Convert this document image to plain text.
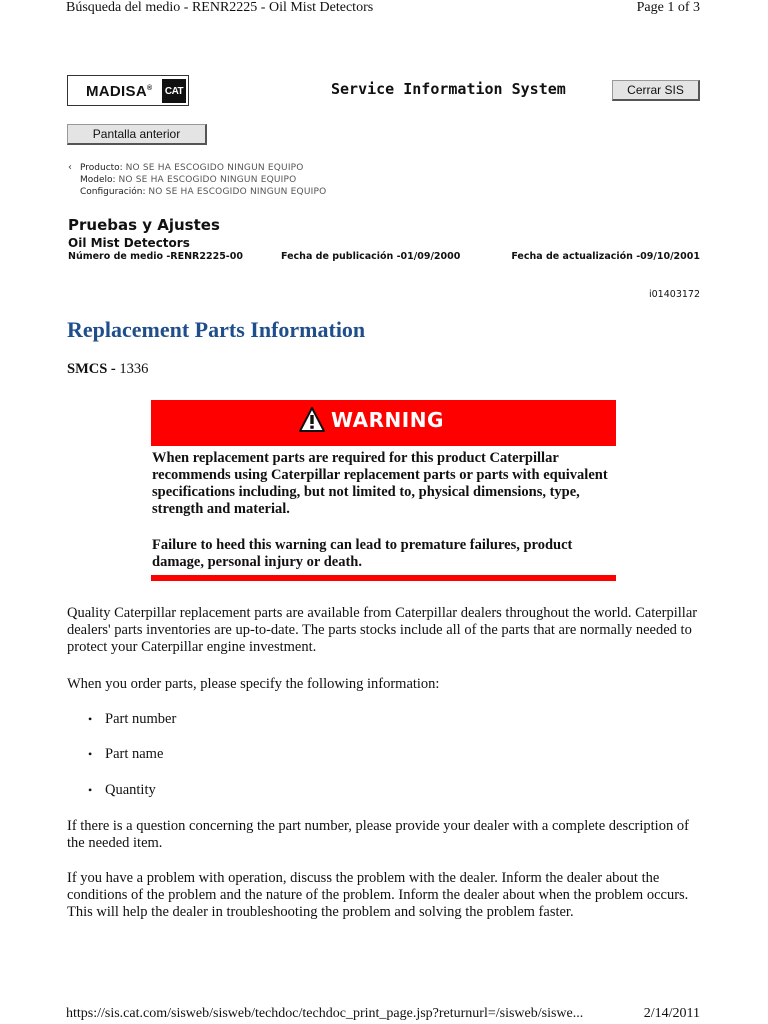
Búsqueda del medio - RENR2225 - Oil Mist Detectors	Page 1 of 3
MADISA® CAT	Service Information System	Cerrar SIS
Pantalla anterior
‹ Producto: NO SE HA ESCOGIDO NINGUN EQUIPO
Modelo: NO SE HA ESCOGIDO NINGUN EQUIPO
Configuración: NO SE HA ESCOGIDO NINGUN EQUIPO
Pruebas y Ajustes
Oil Mist Detectors
Número de medio -RENR2225-00	Fecha de publicación -01/09/2000	Fecha de actualización -09/10/2001
i01403172
Replacement Parts Information
SMCS - 1336
WARNING

When replacement parts are required for this product Caterpillar recommends using Caterpillar replacement parts or parts with equivalent specifications including, but not limited to, physical dimensions, type, strength and material.

Failure to heed this warning can lead to premature failures, product damage, personal injury or death.

Quality Caterpillar replacement parts are available from Caterpillar dealers throughout the world. Caterpillar dealers' parts inventories are up-to-date. The parts stocks include all of the parts that are normally needed to protect your Caterpillar engine investment.

When you order parts, please specify the following information:

• Part number
• Part name
• Quantity

If there is a question concerning the part number, please provide your dealer with a complete description of the needed item.

If you have a problem with operation, discuss the problem with the dealer. Inform the dealer about the conditions of the problem and the nature of the problem. Inform the dealer about when the problem occurs. This will help the dealer in troubleshooting the problem and solving the problem faster.

https://sis.cat.com/sisweb/sisweb/techdoc/techdoc_print_page.jsp?returnurl=/sisweb/siswe...	2/14/2011
